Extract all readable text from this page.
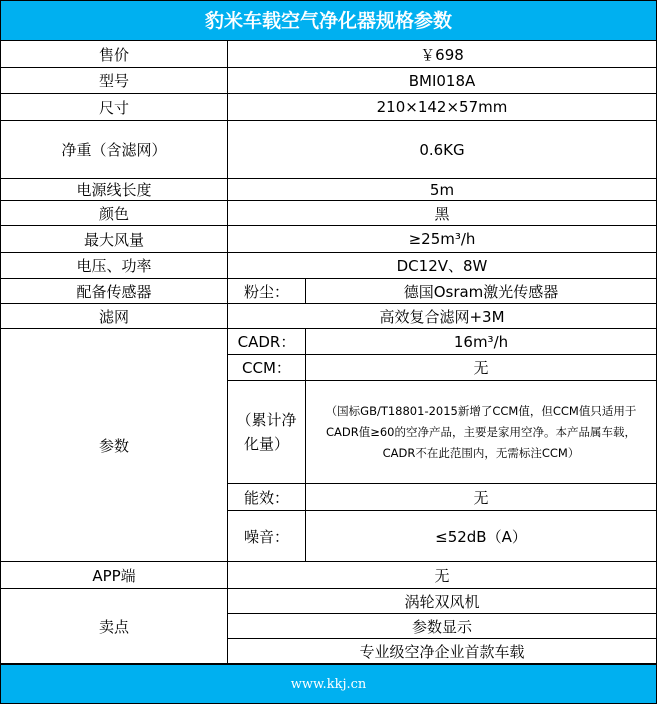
豹米车载空气净化器规格参数
售价	￥698	
型号	BMI018A	
尺寸	210×142×57mm	
净重（含滤网）	0.6KG	
电源线长度	5m	
颜色	黑	
最大风量	≥25m³/h	
电压、功率	DC12V、8W	
配备传感器	粉尘：	德国Osram激光传感器
滤网	高效复合滤网+3M	
参数	CADR：	16m³/h
	CCM：	无
	（累计净化量）	（国标GB/T18801-2015新增了CCM值，但CCM值只适用于CADR值≥60的空净产品，主要是家用空净。本产品属车载，CADR不在此范围内，无需标注CCM）
	能效：	无
	噪音：	≤52dB（A）
APP端	无	
卖点	涡轮双风机	
	参数显示	
	专业级空净企业首款车载	
www.kkj.cn
